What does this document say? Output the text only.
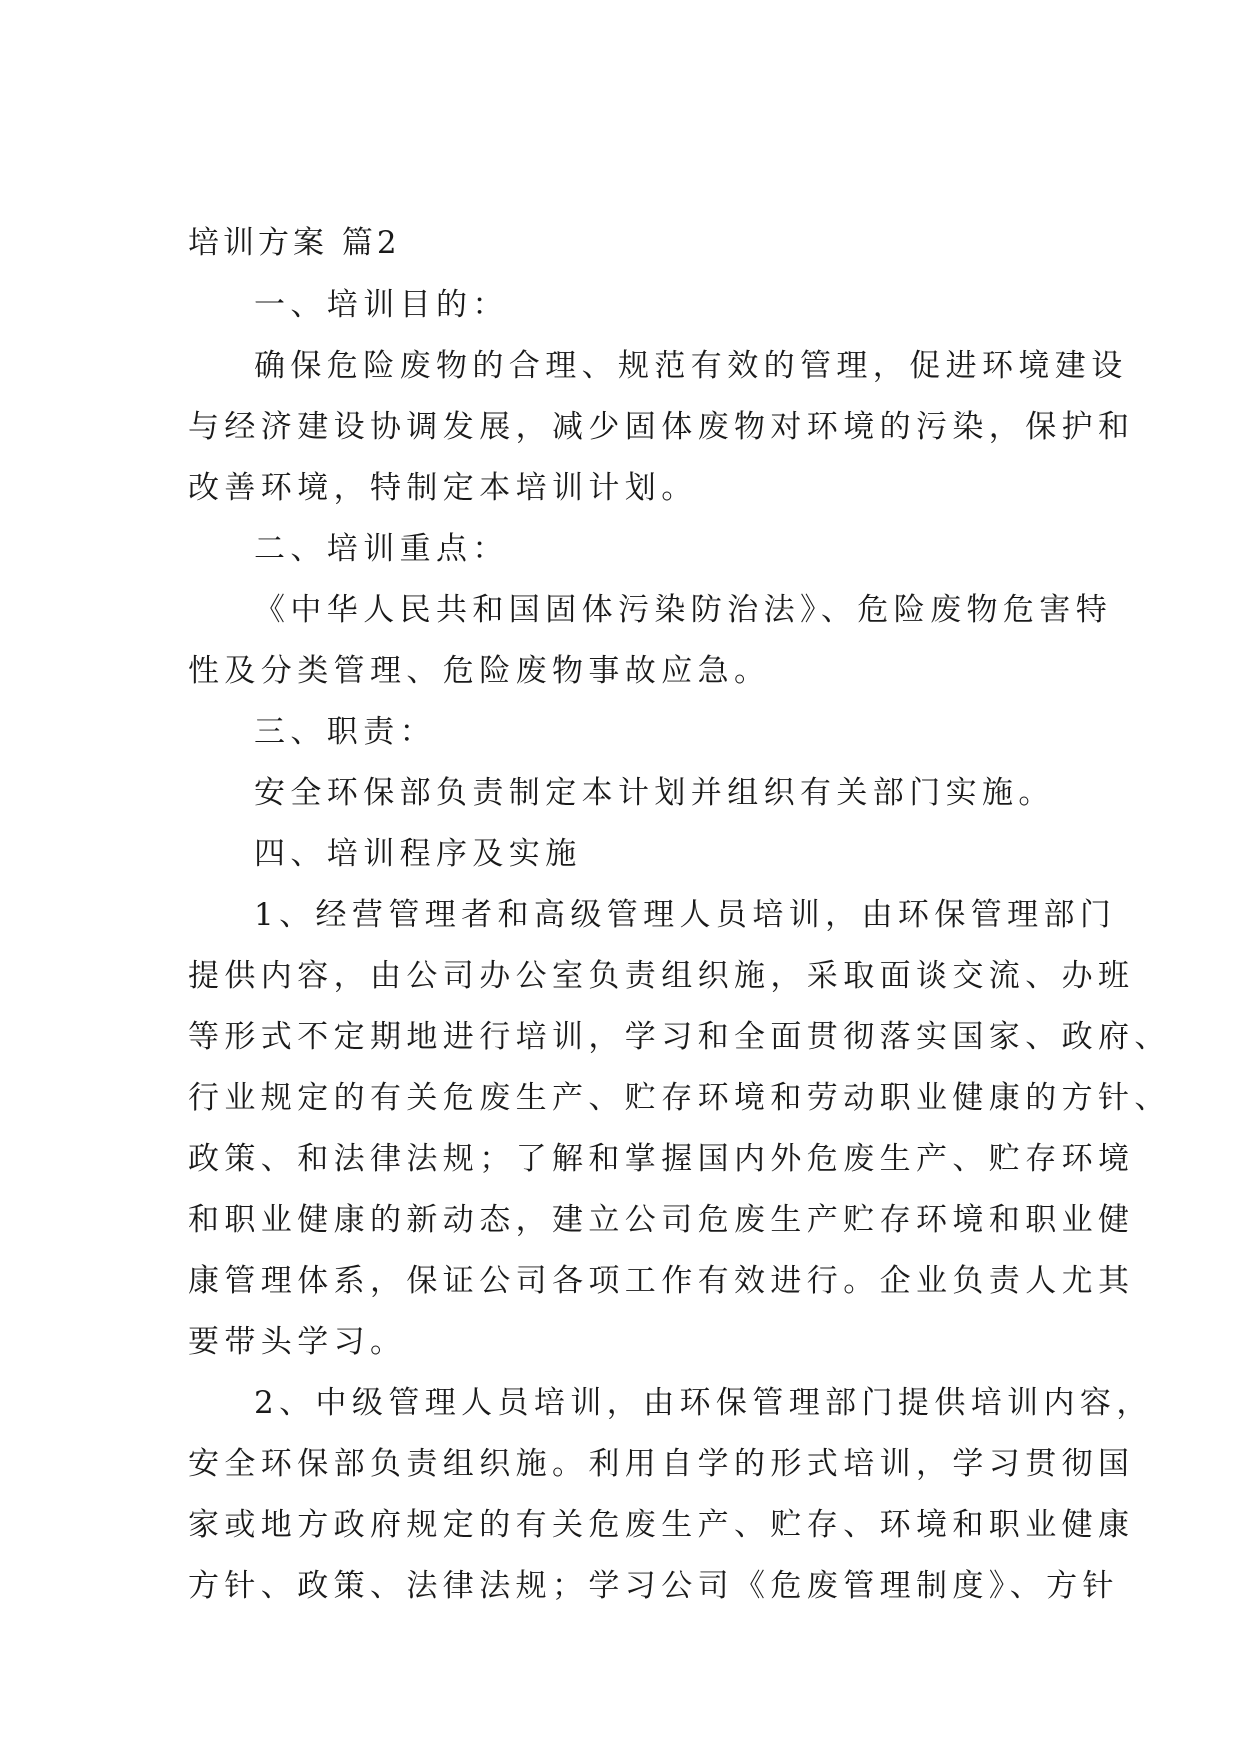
培训方案 篇2
一、培训目的：
确保危险废物的合理、规范有效的管理，促进环境建设
与经济建设协调发展，减少固体废物对环境的污染，保护和
改善环境，特制定本培训计划。
二、培训重点：
《中华人民共和国固体污染防治法》、危险废物危害特
性及分类管理、危险废物事故应急。
三、职责：
安全环保部负责制定本计划并组织有关部门实施。
四、培训程序及实施
1、经营管理者和高级管理人员培训，由环保管理部门
提供内容，由公司办公室负责组织施，采取面谈交流、办班
等形式不定期地进行培训，学习和全面贯彻落实国家、政府、
行业规定的有关危废生产、贮存环境和劳动职业健康的方针、
政策、和法律法规；了解和掌握国内外危废生产、贮存环境
和职业健康的新动态，建立公司危废生产贮存环境和职业健
康管理体系，保证公司各项工作有效进行。企业负责人尤其
要带头学习。
2、中级管理人员培训，由环保管理部门提供培训内容，
安全环保部负责组织施。利用自学的形式培训，学习贯彻国
家或地方政府规定的有关危废生产、贮存、环境和职业健康
方针、政策、法律法规；学习公司《危废管理制度》、方针
